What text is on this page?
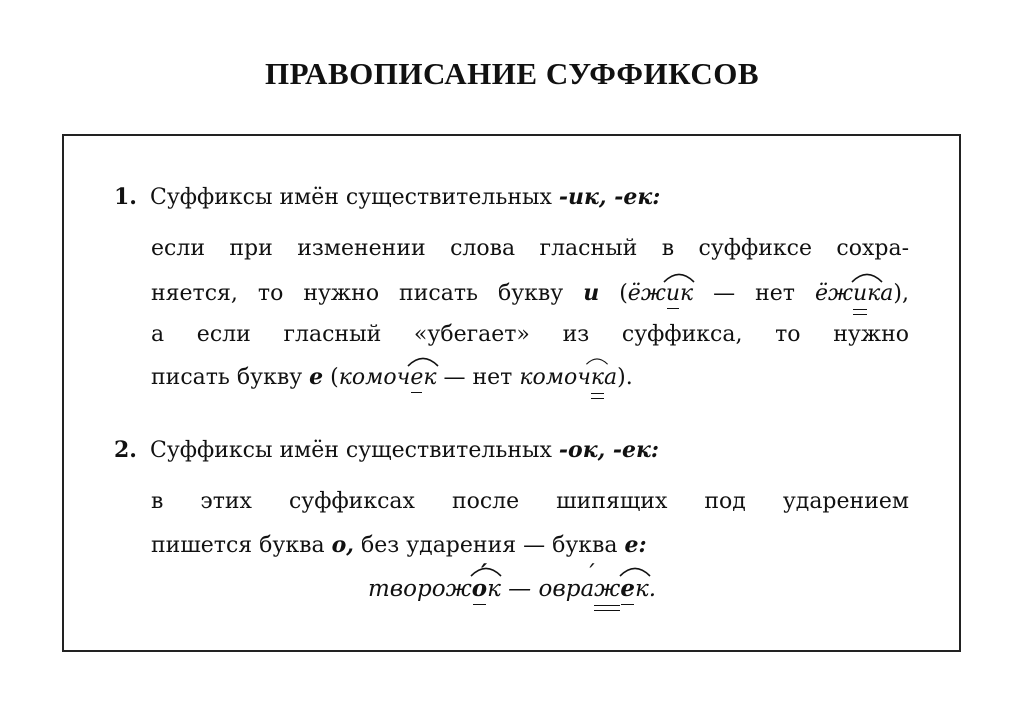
ПРАВОПИСАНИЕ СУФФИКСОВ
1. Суффиксы имён существительных -ик, -ек:
если при изменении слова гласный в суффиксе сохра-
няется, то нужно писать букву и (ёж
ик — нет ёж
ика),
а если гласный «убегает» из суффикса, то нужно
писать букву е (комоч
ек — нет комоч
ка).
2. Суффиксы имён существительных -ок, -ек:
в этих суффиксах после шипящих под ударением
пишется буква о, без ударения — буква е:
творож
´ ок — овр´ аж
ек.
